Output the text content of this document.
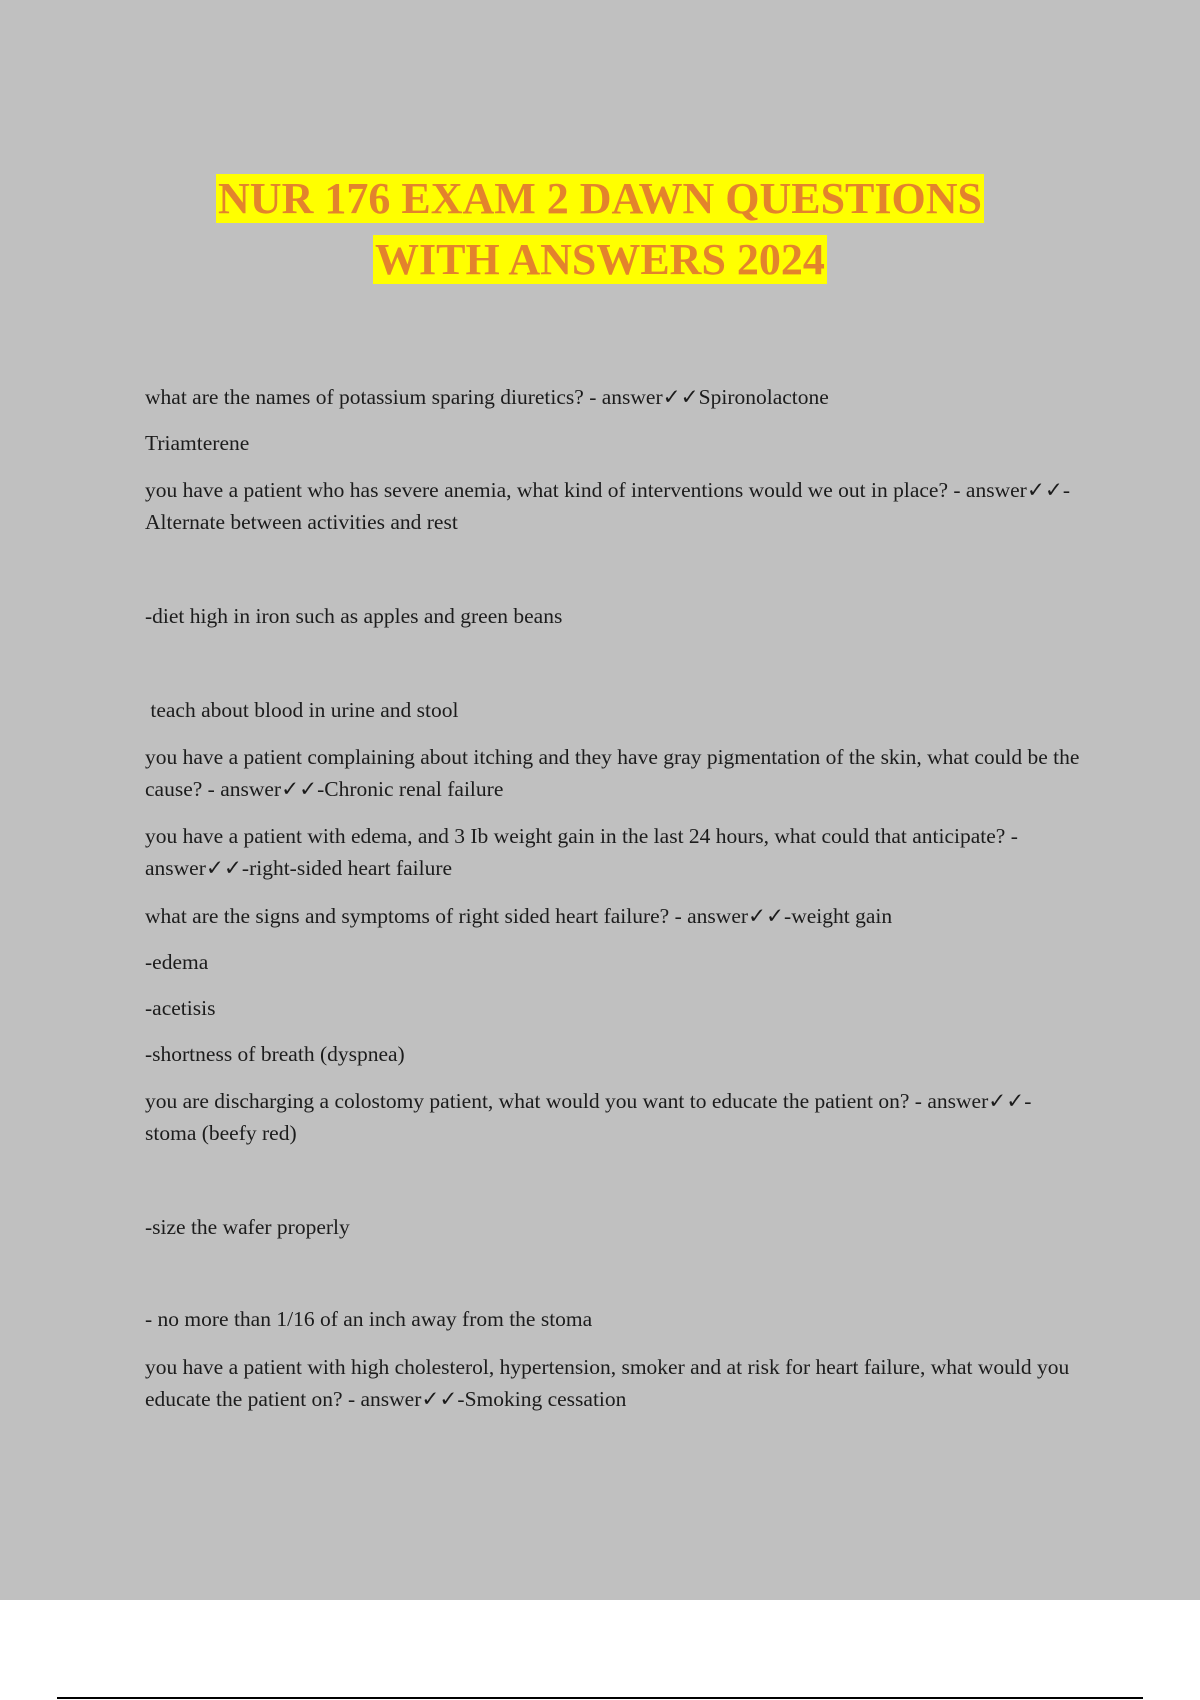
NUR 176 EXAM 2 DAWN QUESTIONS
WITH ANSWERS 2024

what are the names of potassium sparing diuretics? - answer✓✓Spironolactone

Triamterene

you have a patient who has severe anemia, what kind of interventions would we out in place? - answer✓✓-Alternate between activities and rest

-diet high in iron such as apples and green beans

teach about blood in urine and stool

you have a patient complaining about itching and they have gray pigmentation of the skin, what could be the cause? - answer✓✓-Chronic renal failure

you have a patient with edema, and 3 Ib weight gain in the last 24 hours, what could that anticipate? - answer✓✓-right-sided heart failure

what are the signs and symptoms of right sided heart failure? - answer✓✓-weight gain

-edema

-acetisis

-shortness of breath (dyspnea)

you are discharging a colostomy patient, what would you want to educate the patient on? - answer✓✓-stoma (beefy red)

-size the wafer properly

- no more than 1/16 of an inch away from the stoma

you have a patient with high cholesterol, hypertension, smoker and at risk for heart failure, what would you educate the patient on? - answer✓✓-Smoking cessation
